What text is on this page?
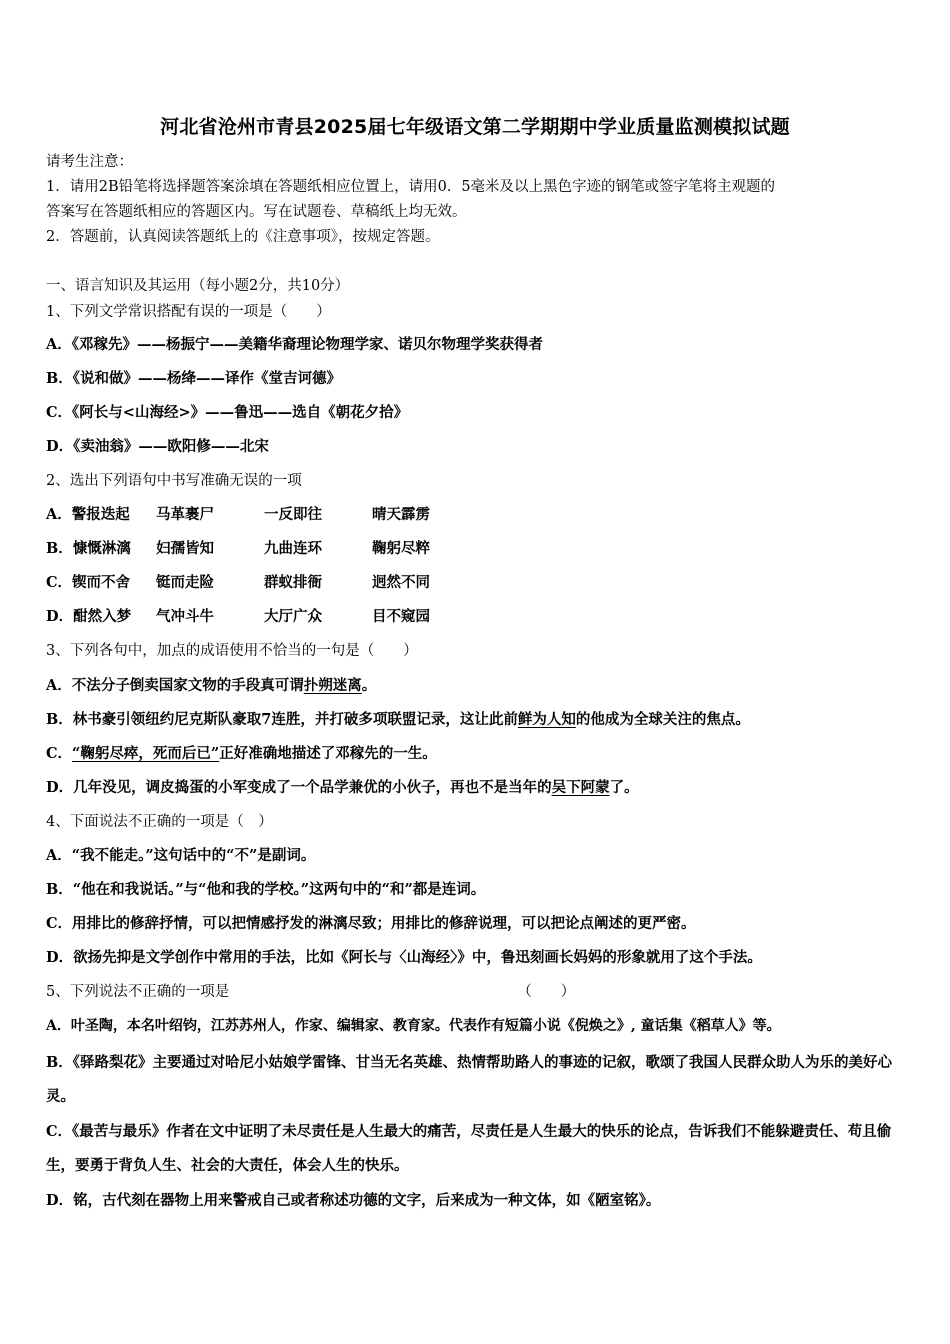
河北省沧州市青县2025届七年级语文第二学期期中学业质量监测模拟试题
请考生注意：
1．请用2B铅笔将选择题答案涂填在答题纸相应位置上，请用0．5毫米及以上黑色字迹的钢笔或签字笔将主观题的
答案写在答题纸相应的答题区内。写在试题卷、草稿纸上均无效。
2．答题前，认真阅读答题纸上的《注意事项》，按规定答题。
一、语言知识及其运用（每小题2分，共10分）
1、下列文学常识搭配有误的一项是（　　）
A．《邓稼先》——杨振宁——美籍华裔理论物理学家、诺贝尔物理学奖获得者
B．《说和做》——杨绛——译作《堂吉诃德》
C．《阿长与<山海经>》——鲁迅——选自《朝花夕拾》
D．《卖油翁》——欧阳修——北宋
2、选出下列语句中书写准确无误的一项
A．警报迭起 马革裹尸	一反即往	晴天霹雳
B．慷慨淋漓 妇孺皆知	九曲连环	鞠躬尽粹
C．锲而不舍 铤而走险	群蚁排衙	迥然不同
D．酣然入梦 气冲斗牛	大厅广众	目不窥园
3、下列各句中，加点的成语使用不恰当的一句是（　　）
A．不法分子倒卖国家文物的手段真可谓扑朔迷离。
B．林书豪引领纽约尼克斯队豪取7连胜，并打破多项联盟记录，这让此前鲜为人知的他成为全球关注的焦点。
C．“鞠躬尽瘁，死而后已”正好准确地描述了邓稼先的一生。
D．几年没见，调皮捣蛋的小军变成了一个品学兼优的小伙子，再也不是当年的吴下阿蒙了。
4、下面说法不正确的一项是（　）
A．“我不能走。”这句话中的“不”是副词。
B．“他在和我说话。”与“他和我的学校。”这两句中的“和”都是连词。
C．用排比的修辞抒情，可以把情感抒发的淋漓尽致；用排比的修辞说理，可以把论点阐述的更严密。
D．欲扬先抑是文学创作中常用的手法，比如《阿长与〈山海经〉》中，鲁迅刻画长妈妈的形象就用了这个手法。
5、下列说法不正确的一项是	（　　）
A．叶圣陶，本名叶绍钧，江苏苏州人，作家、编辑家、教育家。代表作有短篇小说《倪焕之》, 童话集《稻草人》等。
B．《驿路梨花》主要通过对哈尼小姑娘学雷锋、甘当无名英雄、热情帮助路人的事迹的记叙，歌颂了我国人民群众助人为乐的美好心灵。
C．《最苦与最乐》作者在文中证明了未尽责任是人生最大的痛苦，尽责任是人生最大的快乐的论点，告诉我们不能躲避责任、苟且偷生，要勇于背负人生、社会的大责任，体会人生的快乐。
D．铭，古代刻在器物上用来警戒自己或者称述功德的文字，后来成为一种文体，如《陋室铭》。
